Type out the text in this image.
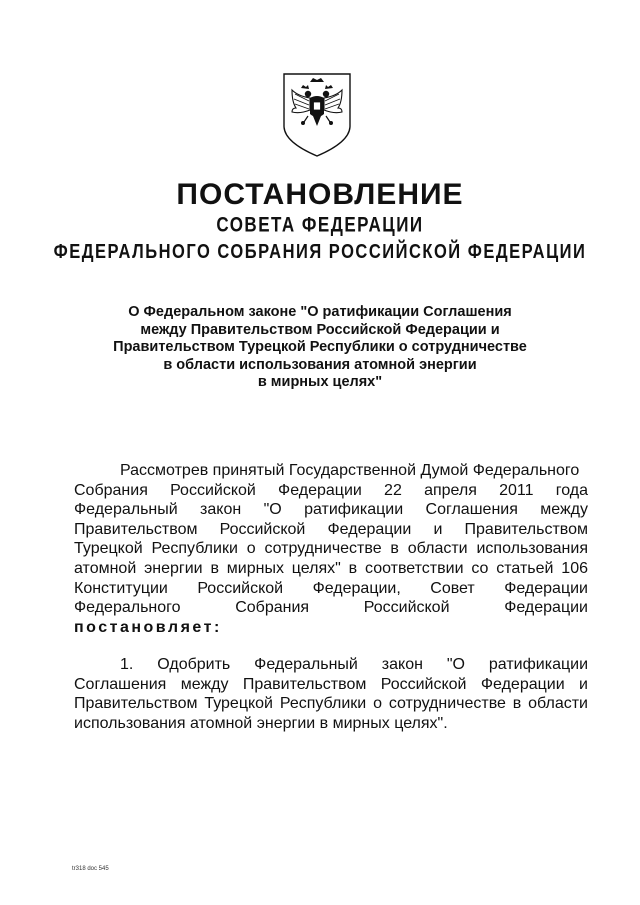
ПОСТАНОВЛЕНИЕ
СОВЕТА ФЕДЕРАЦИИ
ФЕДЕРАЛЬНОГО СОБРАНИЯ РОССИЙСКОЙ ФЕДЕРАЦИИ
О Федеральном законе "О ратификации Соглашения
между Правительством Российской Федерации и
Правительством Турецкой Республики о сотрудничестве
в области использования атомной энергии
в мирных целях"
Рассмотрев принятый Государственной Думой Федерального
Собрания Российской Федерации 22 апреля 2011 года
Федеральный закон "О ратификации Соглашения между
Правительством Российской Федерации и Правительством
Турецкой Республики о сотрудничестве в области использования
атомной энергии в мирных целях" в соответствии со статьей 106
Конституции Российской Федерации, Совет Федерации
Федерального Собрания Российской Федерации
постановляет:
1. Одобрить Федеральный закон "О ратификации
Соглашения между Правительством Российской Федерации и
Правительством Турецкой Республики о сотрудничестве в области
использования атомной энергии в мирных целях".
tr318 doc 545
